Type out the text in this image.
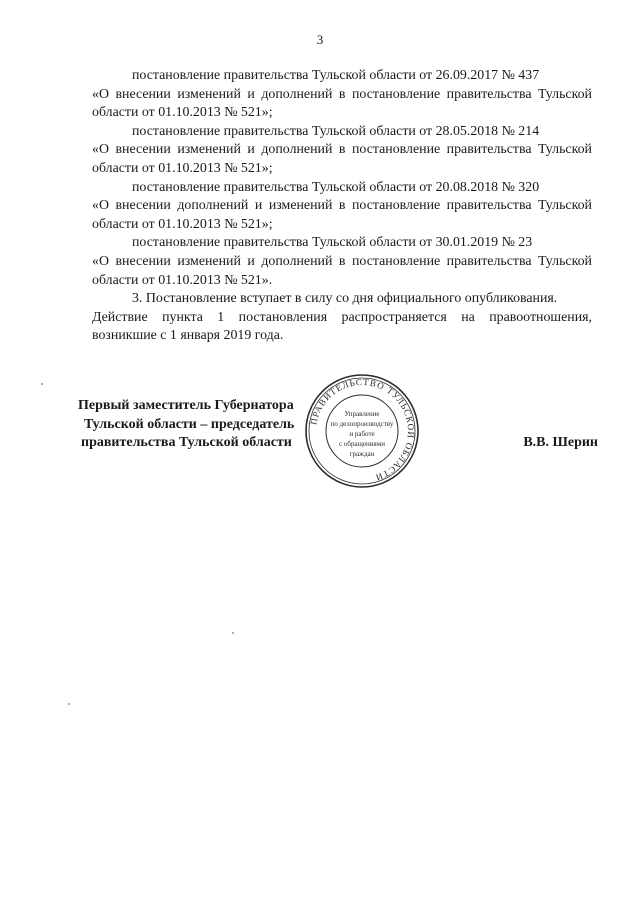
3

постановление правительства Тульской области от 26.09.2017 № 437

«О внесении изменений и дополнений в постановление правительства Тульской области от 01.10.2013 № 521»;

постановление правительства Тульской области от 28.05.2018 № 214

«О внесении изменений и дополнений в постановление правительства Тульской области от 01.10.2013 № 521»;

постановление правительства Тульской области от 20.08.2018 № 320

«О внесении дополнений и изменений в постановление правительства Тульской области от 01.10.2013 № 521»;

постановление правительства Тульской области от 30.01.2019 № 23

«О внесении изменений и дополнений в постановление правительства Тульской области от 01.10.2013 № 521».

3. Постановление вступает в силу со дня официального опубликования.

Действие пункта 1 постановления распространяется на правоотношения, возникшие с 1 января 2019 года.

ПРАВИТЕЛЬСТВО ТУЛЬСКОЙ ОБЛАСТИ
Управление
по делопроизводству
и работе
с обращениями
граждан
Первый заместитель Губернатора
Тульской области – председатель
правительства Тульской области	В.В. Шерин
